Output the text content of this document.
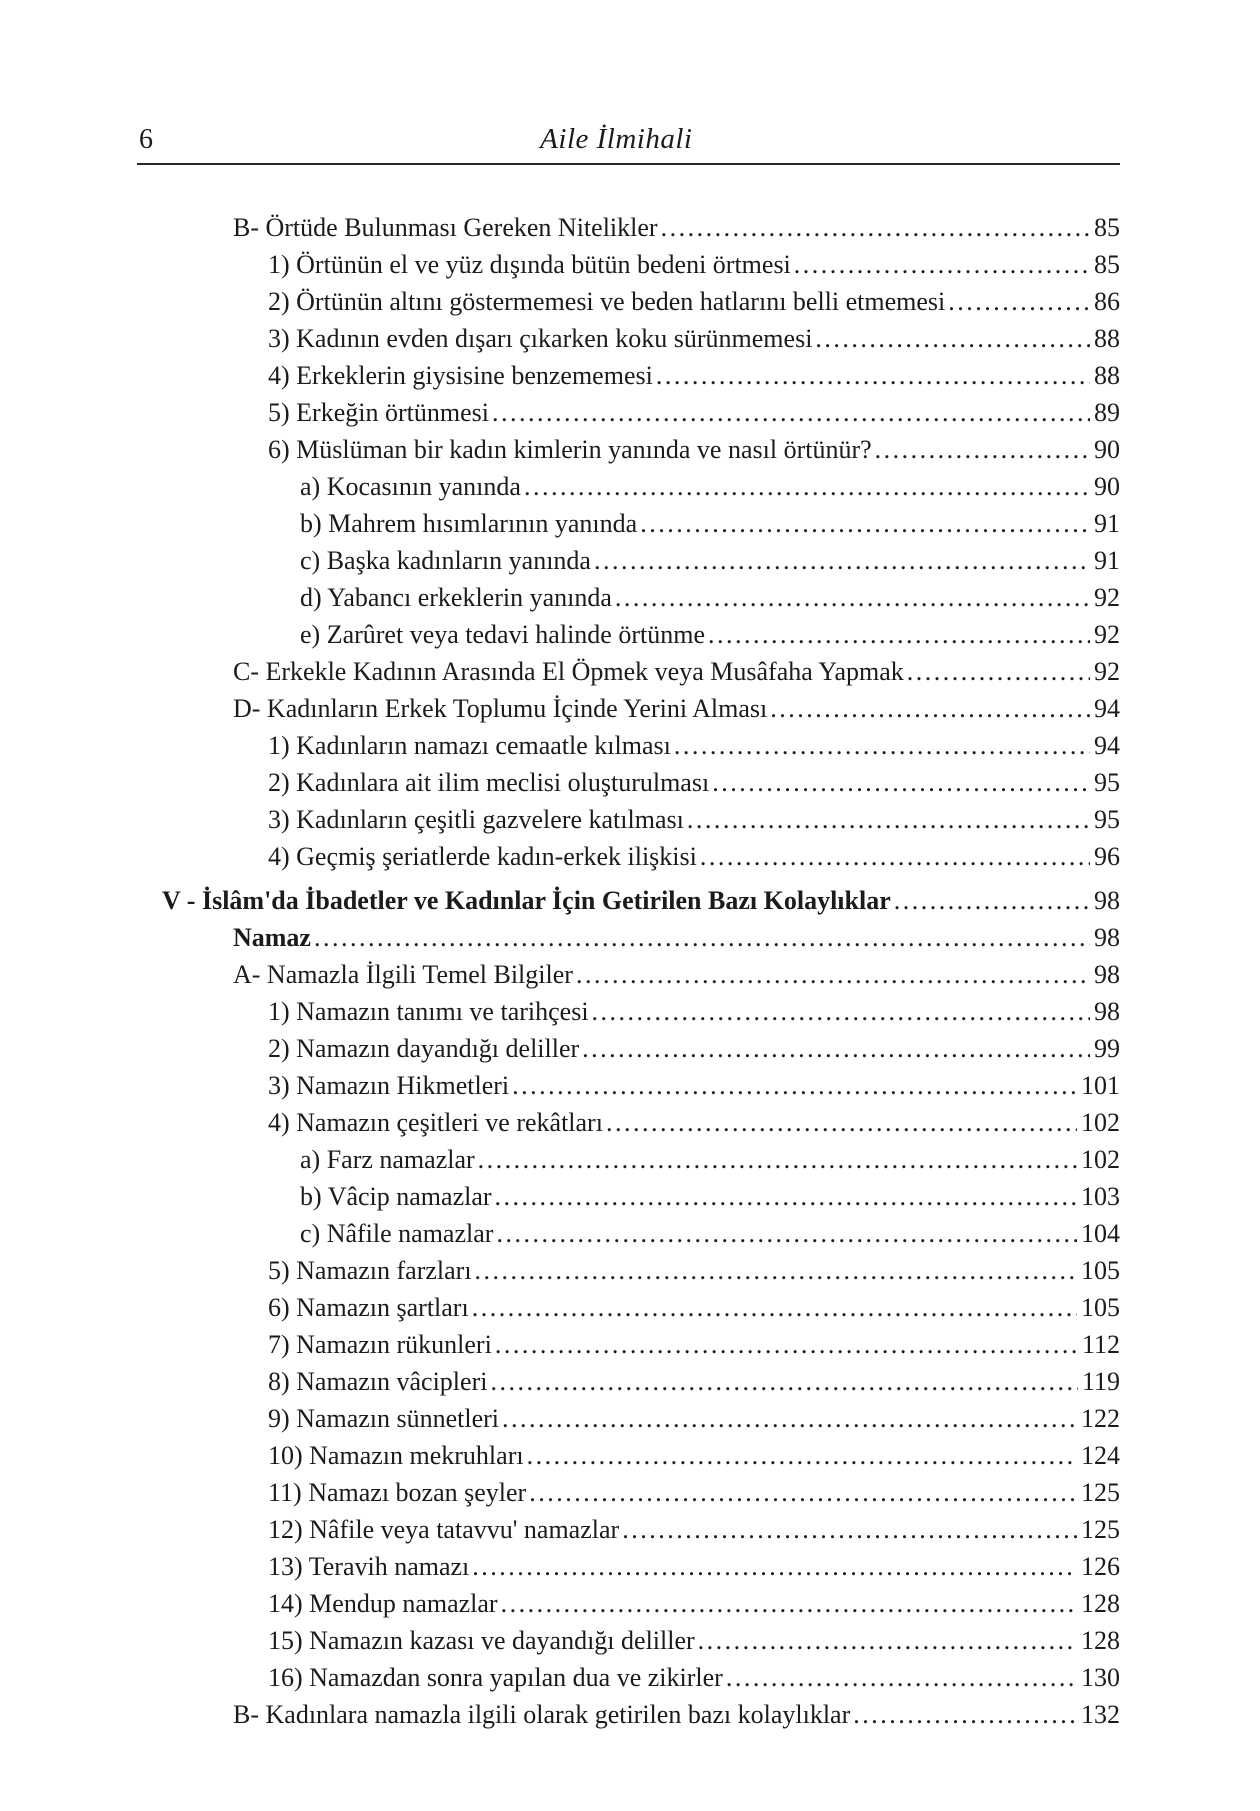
6	Aile İlmihali
B- Örtüde Bulunması Gereken Nitelikler .....	85
1) Örtünün el ve yüz dışında bütün bedeni örtmesi .....	85
2) Örtünün altını göstermemesi ve beden hatlarını belli etmemesi .....	86
3) Kadının evden dışarı çıkarken koku sürünmemesi .....	88
4) Erkeklerin giysisine benzememesi .....	88
5) Erkeğin örtünmesi .....	89
6) Müslüman bir kadın kimlerin yanında ve nasıl örtünür? .....	90
a) Kocasının yanında .....	90
b) Mahrem hısımlarının yanında .....	91
c) Başka kadınların yanında .....	91
d) Yabancı erkeklerin yanında .....	92
e) Zarûret veya tedavi halinde örtünme .....	92
C- Erkekle Kadının Arasında El Öpmek veya Musâfaha Yapmak .....	92
D- Kadınların Erkek Toplumu İçinde Yerini Alması .....	94
1) Kadınların namazı cemaatle kılması .....	94
2) Kadınlara ait ilim meclisi oluşturulması .....	95
3) Kadınların çeşitli gazvelere katılması .....	95
4) Geçmiş şeriatlerde kadın-erkek ilişkisi .....	96
V - İslâm'da İbadetler ve Kadınlar İçin Getirilen Bazı Kolaylıklar .....	98
Namaz .....	98
A- Namazla İlgili Temel Bilgiler .....	98
1) Namazın tanımı ve tarihçesi .....	98
2) Namazın dayandığı deliller .....	99
3) Namazın Hikmetleri .....	101
4) Namazın çeşitleri ve rekâtları .....	102
a) Farz namazlar .....	102
b) Vâcip namazlar .....	103
c) Nâfile namazlar .....	104
5) Namazın farzları .....	105
6) Namazın şartları .....	105
7) Namazın rükunleri .....	112
8) Namazın vâcipleri .....	119
9) Namazın sünnetleri .....	122
10) Namazın mekruhları .....	124
11) Namazı bozan şeyler .....	125
12) Nâfile veya tatavvu' namazlar .....	125
13) Teravih namazı .....	126
14) Mendup namazlar .....	128
15) Namazın kazası ve dayandığı deliller .....	128
16) Namazdan sonra yapılan dua ve zikirler .....	130
B- Kadınlara namazla ilgili olarak getirilen bazı kolaylıklar .....	132
